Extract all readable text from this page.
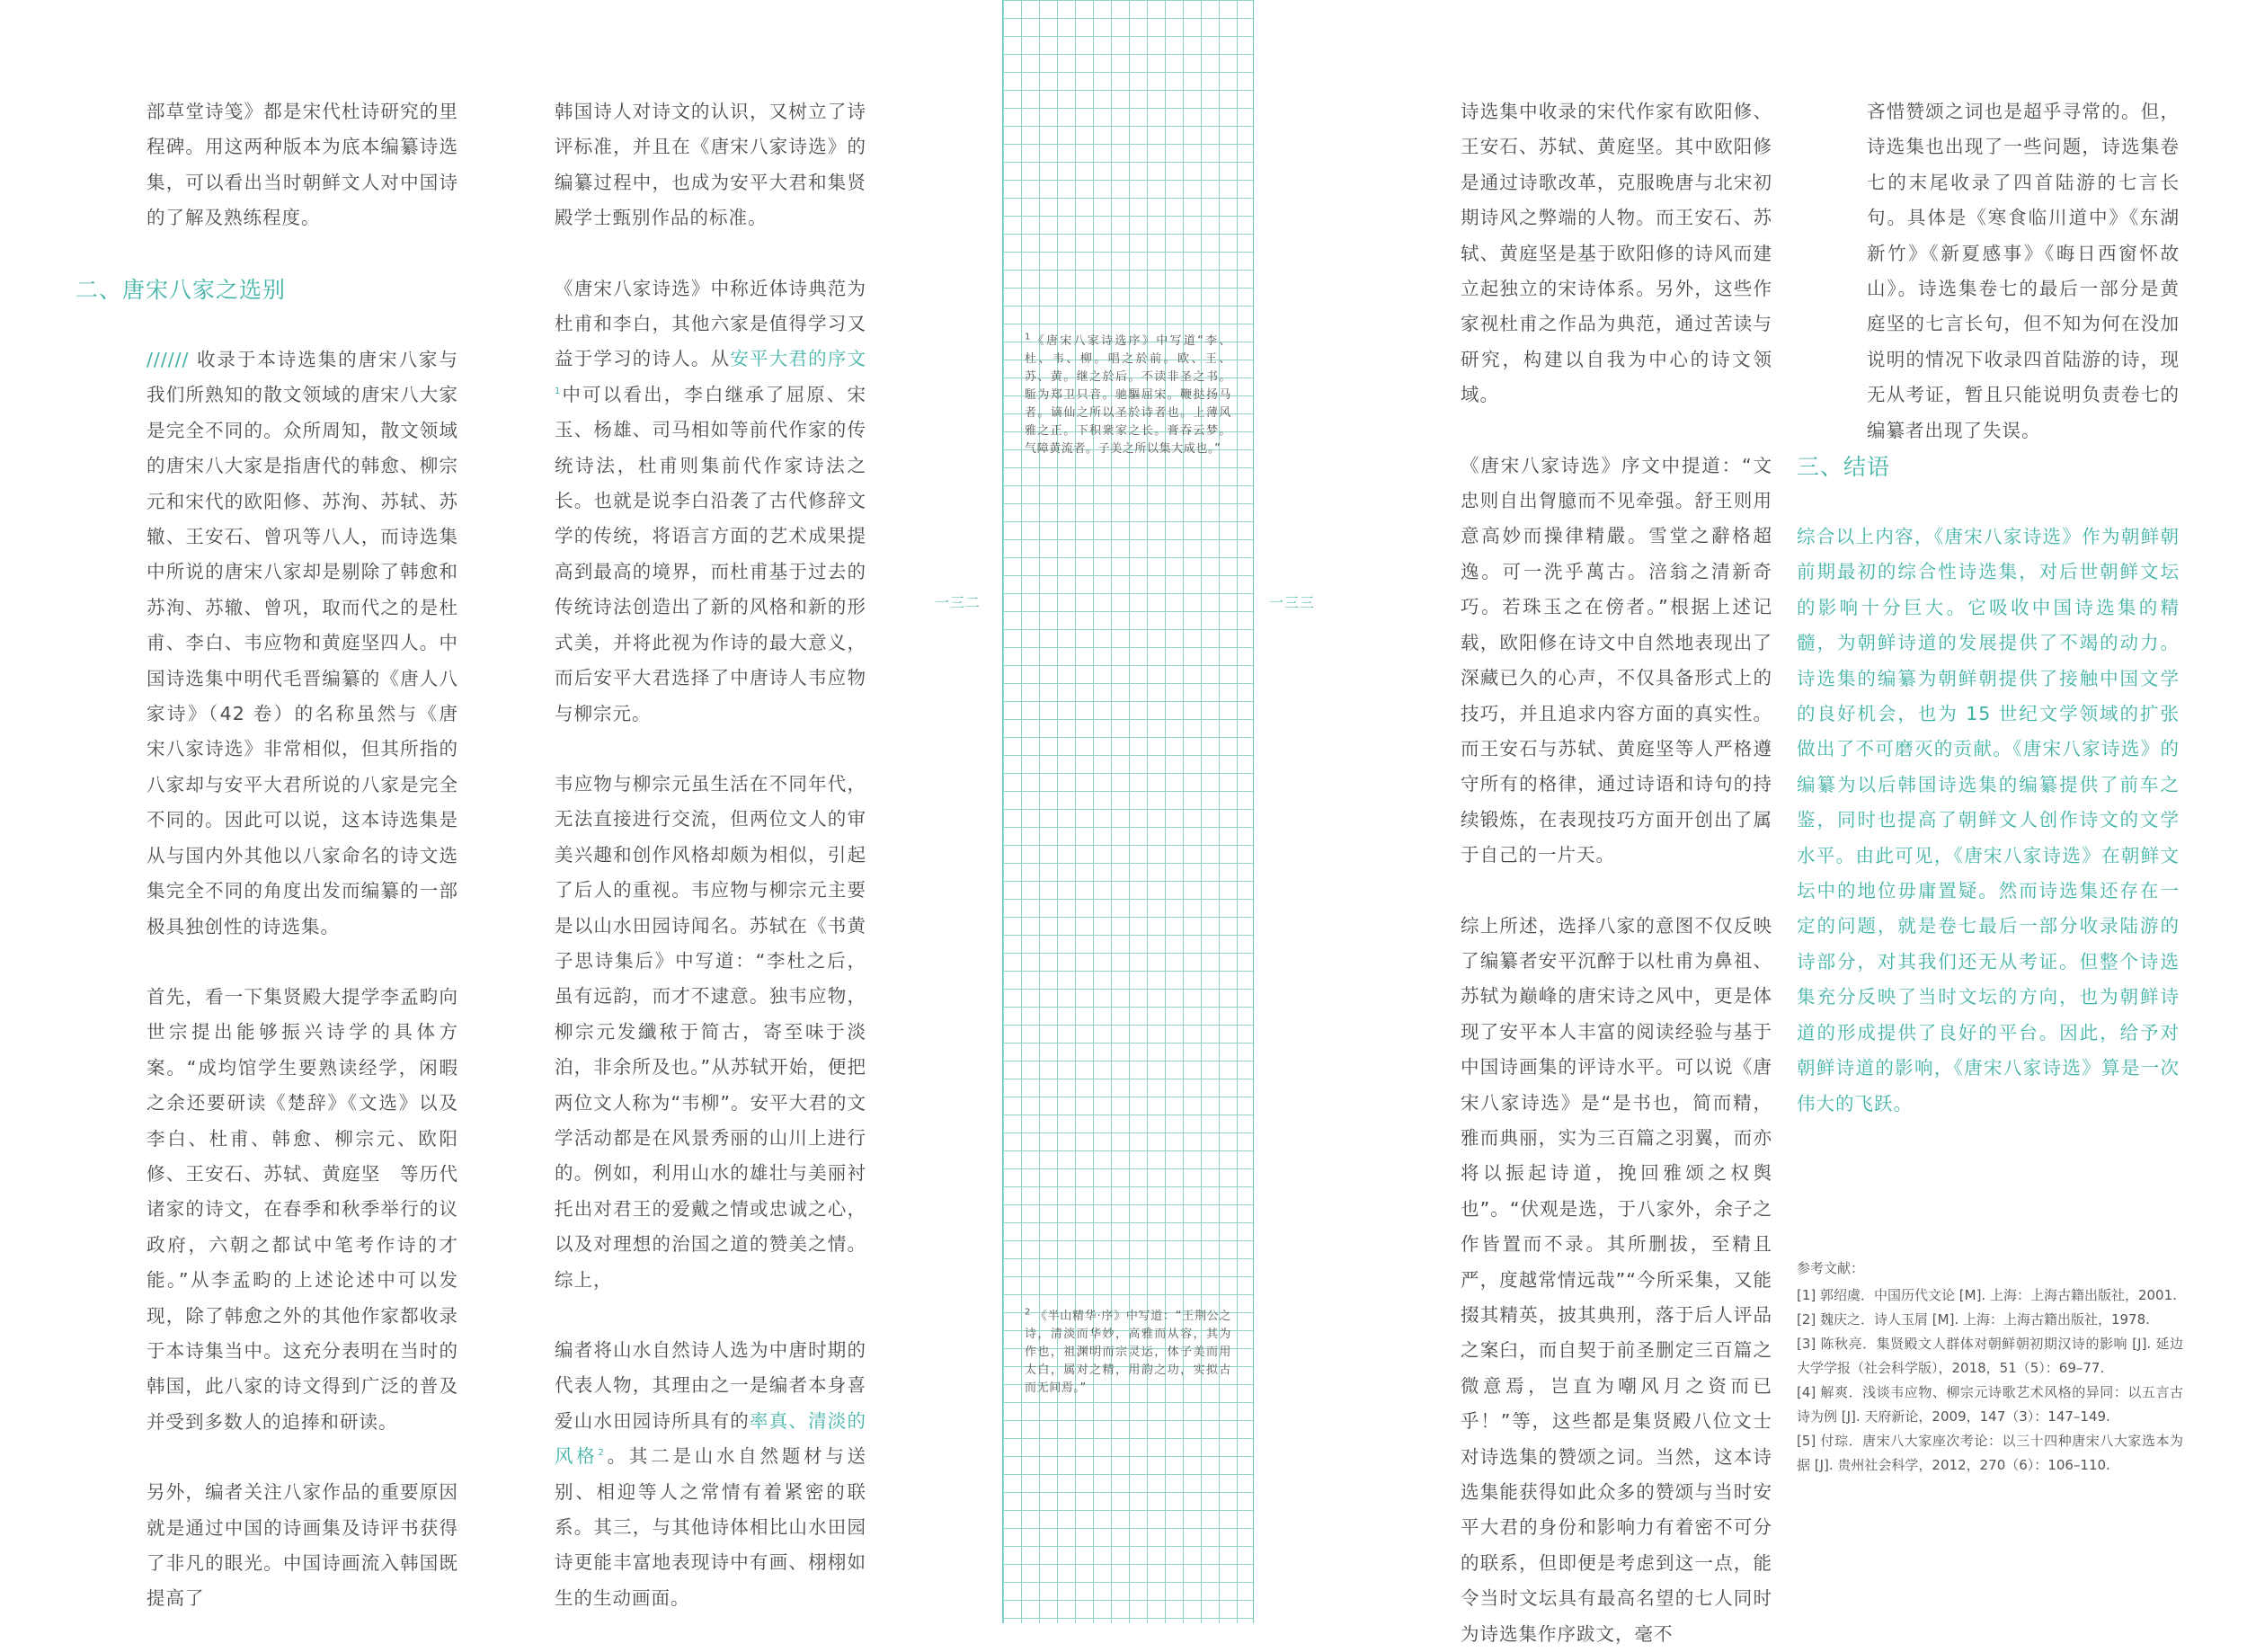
部草堂诗笺》都是宋代杜诗研究的里程碑。用这两种版本为底本编纂诗选集，可以看出当时朝鲜文人对中国诗的了解及熟练程度。

二、唐宋八家之选别

////// 收录于本诗选集的唐宋八家与我们所熟知的散文领域的唐宋八大家是完全不同的。众所周知，散文领域的唐宋八大家是指唐代的韩愈、柳宗元和宋代的欧阳修、苏洵、苏轼、苏辙、王安石、曾巩等八人，而诗选集中所说的唐宋八家却是剔除了韩愈和苏洵、苏辙、曾巩，取而代之的是杜甫、李白、韦应物和黄庭坚四人。中国诗选集中明代毛晋编纂的《唐人八家诗》（42 卷）的名称虽然与《唐宋八家诗选》非常相似，但其所指的八家却与安平大君所说的八家是完全不同的。因此可以说，这本诗选集是从与国内外其他以八家命名的诗文选集完全不同的角度出发而编纂的一部极具独创性的诗选集。

首先，看一下集贤殿大提学李孟畇向世宗提出能够振兴诗学的具体方案。“成均馆学生要熟读经学，闲暇之余还要研读《楚辞》《文选》以及李白、杜甫、韩愈、柳宗元、欧阳修、王安石、苏轼、黄庭坚　等历代诸家的诗文，在春季和秋季举行的议政府，六朝之都试中笔考作诗的才能。”从李孟畇的上述论述中可以发现，除了韩愈之外的其他作家都收录于本诗集当中。这充分表明在当时的韩国，此八家的诗文得到广泛的普及并受到多数人的追捧和研读。

另外，编者关注八家作品的重要原因就是通过中国的诗画集及诗评书获得了非凡的眼光。中国诗画流入韩国既提高了

韩国诗人对诗文的认识，又树立了诗评标准，并且在《唐宋八家诗选》的编纂过程中，也成为安平大君和集贤殿学士甄别作品的标准。

《唐宋八家诗选》中称近体诗典范为杜甫和李白，其他六家是值得学习又益于学习的诗人。从安平大君的序文$^1$中可以看出，李白继承了屈原、宋玉、杨雄、司马相如等前代作家的传统诗法，杜甫则集前代作家诗法之长。也就是说李白沿袭了古代修辞文学的传统，将语言方面的艺术成果提高到最高的境界，而杜甫基于过去的传统诗法创造出了新的风格和新的形式美，并将此视为作诗的最大意义，而后安平大君选择了中唐诗人韦应物与柳宗元。

韦应物与柳宗元虽生活在不同年代，无法直接进行交流，但两位文人的审美兴趣和创作风格却颇为相似，引起了后人的重视。韦应物与柳宗元主要是以山水田园诗闻名。苏轼在《书黄子思诗集后》中写道：“李杜之后，虽有远韵，而才不逮意。独韦应物，柳宗元发纖秾于简古，寄至味于淡泊，非余所及也。”从苏轼开始，便把两位文人称为“韦柳”。安平大君的文学活动都是在风景秀丽的山川上进行的。例如，利用山水的雄壮与美丽衬托出对君王的爱戴之情或忠诚之心，以及对理想的治国之道的赞美之情。综上，

编者将山水自然诗人选为中唐时期的代表人物，其理由之一是编者本身喜爱山水田园诗所具有的率真、清淡的风格$^2$。其二是山水自然题材与送别、相迎等人之常情有着紧密的联系。其三，与其他诗体相比山水田园诗更能丰富地表现诗中有画、栩栩如生的生动画面。

一三二

$^1$《唐宋八家诗选序》中写道“李、杜、韦、柳。唱之於前。欧、王、苏、黄。继之於后。不读非圣之书。駈为郑卫只音。驰驅屈宋。鞭挞扬马者。谪仙之所以圣於诗者也。上薄风雅之正。下积衆家之长。膏吞云梦。气障黄流者。子美之所以集大成也。”

$^2$ 《半山精华·序》中写道：“王荆公之诗，清淡而华妙，高雅而从容，其为作也，祖渊明而宗灵运，体子美而用太白，属对之精，用韵之功，实拟古而无间焉。”

一三三

诗选集中收录的宋代作家有欧阳修、王安石、苏轼、黄庭坚。其中欧阳修是通过诗歌改革，克服晚唐与北宋初期诗风之弊端的人物。而王安石、苏轼、黄庭坚是基于欧阳修的诗风而建立起独立的宋诗体系。另外，这些作家视杜甫之作品为典范，通过苦读与研究，构建以自我为中心的诗文领域。

《唐宋八家诗选》序文中提道：“文忠则自出胷臆而不见牵强。舒王则用意高妙而操律精嚴。雪堂之辭格超逸。可一洗乎萬古。涪翁之清新奇巧。若珠玉之在傍者。”根据上述记载，欧阳修在诗文中自然地表现出了深藏已久的心声，不仅具备形式上的技巧，并且追求内容方面的真实性。而王安石与苏轼、黄庭坚等人严格遵守所有的格律，通过诗语和诗句的持续锻炼，在表现技巧方面开创出了属于自己的一片天。

综上所述，选择八家的意图不仅反映了编纂者安平沉醉于以杜甫为鼻祖、苏轼为巅峰的唐宋诗之风中，更是体现了安平本人丰富的阅读经验与基于中国诗画集的评诗水平。可以说《唐宋八家诗选》是“是书也，简而精，雅而典丽，实为三百篇之羽翼，而亦将以振起诗道，挽回雅颂之权舆也”。“伏观是选，于八家外，余子之作皆置而不录。其所删拔，至精且严，度越常情远哉”“今所采集，又能掇其精英，披其典刑，落于后人评品之案臼，而自契于前圣删定三百篇之微意焉，岂直为嘲风月之资而已乎！”等，这些都是集贤殿八位文士对诗选集的赞颂之词。当然，这本诗选集能获得如此众多的赞颂与当时安平大君的身份和影响力有着密不可分的联系，但即便是考虑到这一点，能令当时文坛具有最高名望的七人同时为诗选集作序跋文，毫不

吝惜赞颂之词也是超乎寻常的。但，诗选集也出现了一些问题，诗选集卷七的末尾收录了四首陆游的七言长句。具体是《寒食临川道中》《东湖新竹》《新夏感事》《晦日西窗怀故山》。诗选集卷七的最后一部分是黄庭坚的七言长句，但不知为何在没加说明的情况下收录四首陆游的诗，现无从考证，暂且只能说明负责卷七的编纂者出现了失误。

三、结语

综合以上内容，《唐宋八家诗选》作为朝鲜朝前期最初的综合性诗选集，对后世朝鲜文坛的影响十分巨大。它吸收中国诗选集的精髓，为朝鲜诗道的发展提供了不竭的动力。诗选集的编纂为朝鲜朝提供了接触中国文学的良好机会，也为 15 世纪文学领域的扩张做出了不可磨灭的贡献。《唐宋八家诗选》的编纂为以后韩国诗选集的编纂提供了前车之鉴，同时也提高了朝鲜文人创作诗文的文学水平。由此可见，《唐宋八家诗选》在朝鲜文坛中的地位毋庸置疑。然而诗选集还存在一定的问题，就是卷七最后一部分收录陆游的诗部分，对其我们还无从考证。但整个诗选集充分反映了当时文坛的方向，也为朝鲜诗道的形成提供了良好的平台。因此，给予对朝鲜诗道的影响，《唐宋八家诗选》算是一次伟大的飞跃。

参考文献：

[1] 郭绍虞．中国历代文论 [M]. 上海：上海古籍出版社，2001.
[2] 魏庆之．诗人玉屑 [M]. 上海：上海古籍出版社，1978.
[3] 陈秋亮．集贤殿文人群体对朝鲜朝初期汉诗的影响 [J]. 延边大学学报（社会科学版），2018，51（5）：69–77.
[4] 解爽．浅谈韦应物、柳宗元诗歌艺术风格的异同：以五言古诗为例 [J]. 天府新论，2009，147（3）：147–149.
[5] 付琮．唐宋八大家座次考论：以三十四种唐宋八大家选本为据 [J]. 贵州社会科学，2012，270（6）：106–110.
